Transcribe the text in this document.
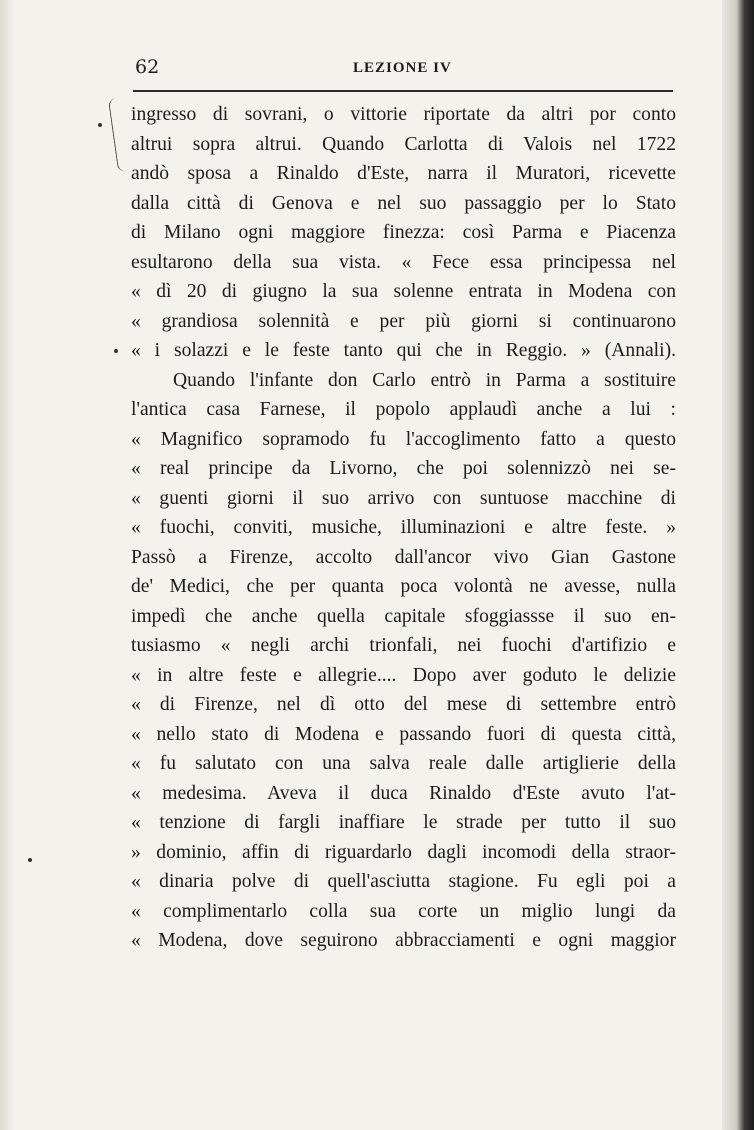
62	LEZIONE IV
ingresso di sovrani, o vittorie riportate da altri por conto
altrui sopra altrui. Quando Carlotta di Valois nel 1722
andò sposa a Rinaldo d'Este, narra il Muratori, ricevette
dalla città di Genova e nel suo passaggio per lo Stato
di Milano ogni maggiore finezza: così Parma e Piacenza
esultarono della sua vista. « Fece essa principessa nel
« dì 20 di giugno la sua solenne entrata in Modena con
« grandiosa solennità e per più giorni si continuarono
« i solazzi e le feste tanto qui che in Reggio. » (Annali).
Quando l'infante don Carlo entrò in Parma a sostituire
l'antica casa Farnese, il popolo applaudì anche a lui :
« Magnifico sopramodo fu l'accoglimento fatto a questo
« real principe da Livorno, che poi solennizzò nei se-
« guenti giorni il suo arrivo con suntuose macchine di
« fuochi, conviti, musiche, illuminazioni e altre feste. »
Passò a Firenze, accolto dall'ancor vivo Gian Gastone
de' Medici, che per quanta poca volontà ne avesse, nulla
impedì che anche quella capitale sfoggiassse il suo en-
tusiasmo « negli archi trionfali, nei fuochi d'artifizio e
« in altre feste e allegrie.... Dopo aver goduto le delizie
« di Firenze, nel dì otto del mese di settembre entrò
« nello stato di Modena e passando fuori di questa città,
« fu salutato con una salva reale dalle artiglierie della
« medesima. Aveva il duca Rinaldo d'Este avuto l'at-
« tenzione di fargli inaffiare le strade per tutto il suo
» dominio, affin di riguardarlo dagli incomodi della straor-
« dinaria polve di quell'asciutta stagione. Fu egli poi a
« complimentarlo colla sua corte un miglio lungi da
« Modena, dove seguirono abbracciamenti e ogni maggior
